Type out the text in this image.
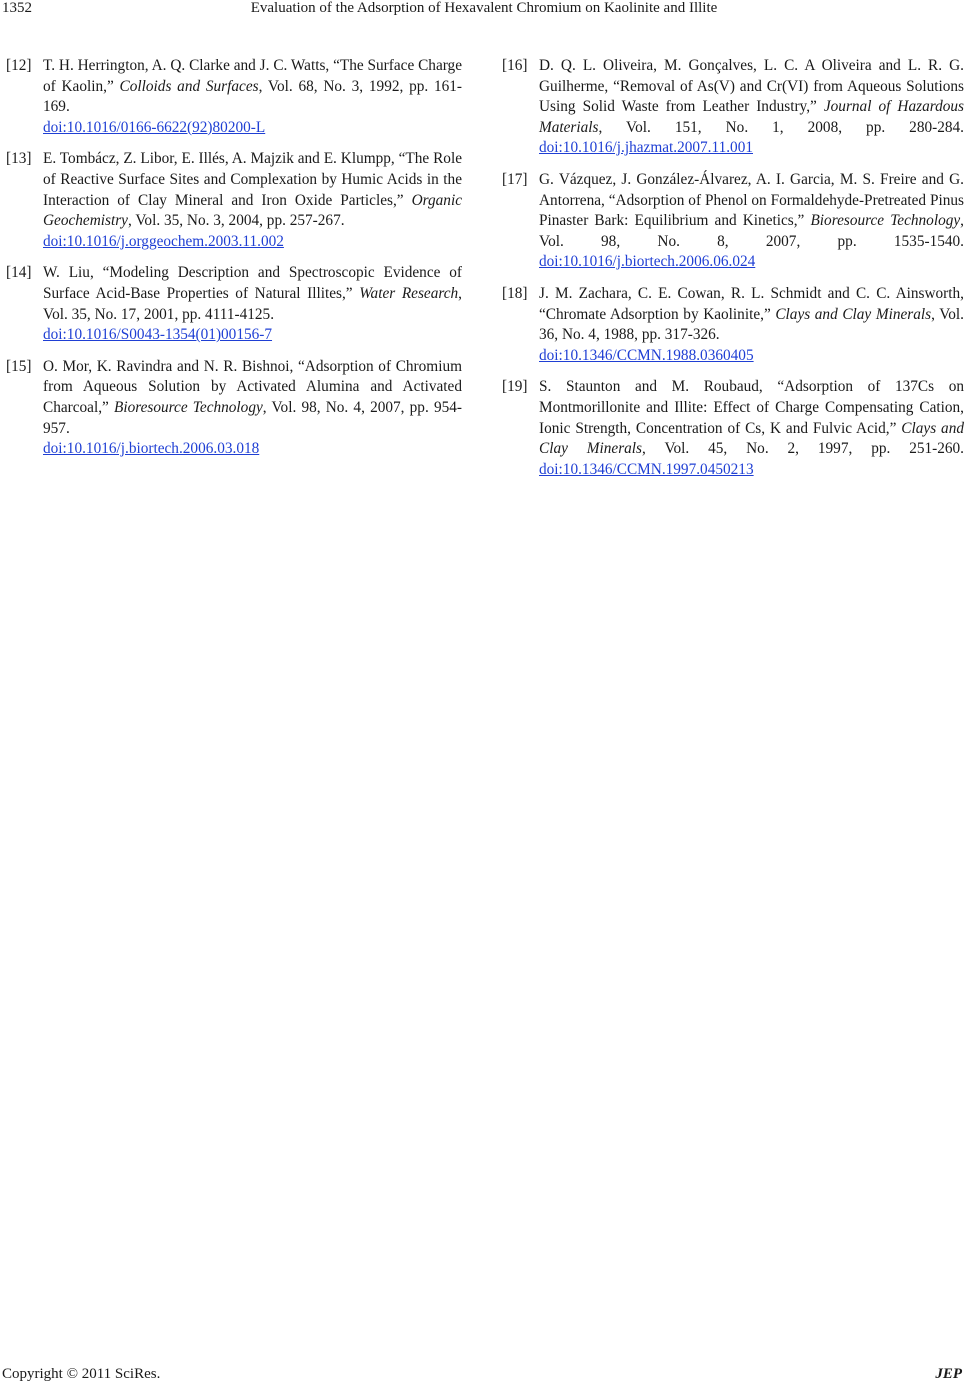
1352	Evaluation of the Adsorption of Hexavalent Chromium on Kaolinite and Illite
[12] T. H. Herrington, A. Q. Clarke and J. C. Watts, “The Surface Charge of Kaolin,” Colloids and Surfaces, Vol. 68, No. 3, 1992, pp. 161-169.
doi:10.1016/0166-6622(92)80200-L
[13] E. Tombácz, Z. Libor, E. Illés, A. Majzik and E. Klumpp, “The Role of Reactive Surface Sites and Complexation by Humic Acids in the Interaction of Clay Mineral and Iron Oxide Particles,” Organic Geochemistry, Vol. 35, No. 3, 2004, pp. 257-267.
doi:10.1016/j.orggeochem.2003.11.002
[14] W. Liu, “Modeling Description and Spectroscopic Evidence of Surface Acid-Base Properties of Natural Illites,” Water Research, Vol. 35, No. 17, 2001, pp. 4111-4125.
doi:10.1016/S0043-1354(01)00156-7
[15] O. Mor, K. Ravindra and N. R. Bishnoi, “Adsorption of Chromium from Aqueous Solution by Activated Alumina and Activated Charcoal,” Bioresource Technology, Vol. 98, No. 4, 2007, pp. 954-957.
doi:10.1016/j.biortech.2006.03.018
[16] D. Q. L. Oliveira, M. Gonçalves, L. C. A Oliveira and L. R. G. Guilherme, “Removal of As(V) and Cr(VI) from Aqueous Solutions Using Solid Waste from Leather Industry,” Journal of Hazardous Materials, Vol. 151, No. 1, 2008, pp. 280-284. doi:10.1016/j.jhazmat.2007.11.001
[17] G. Vázquez, J. González-Álvarez, A. I. Garcia, M. S. Freire and G. Antorrena, “Adsorption of Phenol on Formaldehyde-Pretreated Pinus Pinaster Bark: Equilibrium and Kinetics,” Bioresource Technology, Vol. 98, No. 8, 2007, pp. 1535-1540. doi:10.1016/j.biortech.2006.06.024
[18] J. M. Zachara, C. E. Cowan, R. L. Schmidt and C. C. Ainsworth, “Chromate Adsorption by Kaolinite,” Clays and Clay Minerals, Vol. 36, No. 4, 1988, pp. 317-326.
doi:10.1346/CCMN.1988.0360405
[19] S. Staunton and M. Roubaud, “Adsorption of 137Cs on Montmorillonite and Illite: Effect of Charge Compensating Cation, Ionic Strength, Concentration of Cs, K and Fulvic Acid,” Clays and Clay Minerals, Vol. 45, No. 2, 1997, pp. 251-260. doi:10.1346/CCMN.1997.0450213
Copyright © 2011 SciRes.	JEP
